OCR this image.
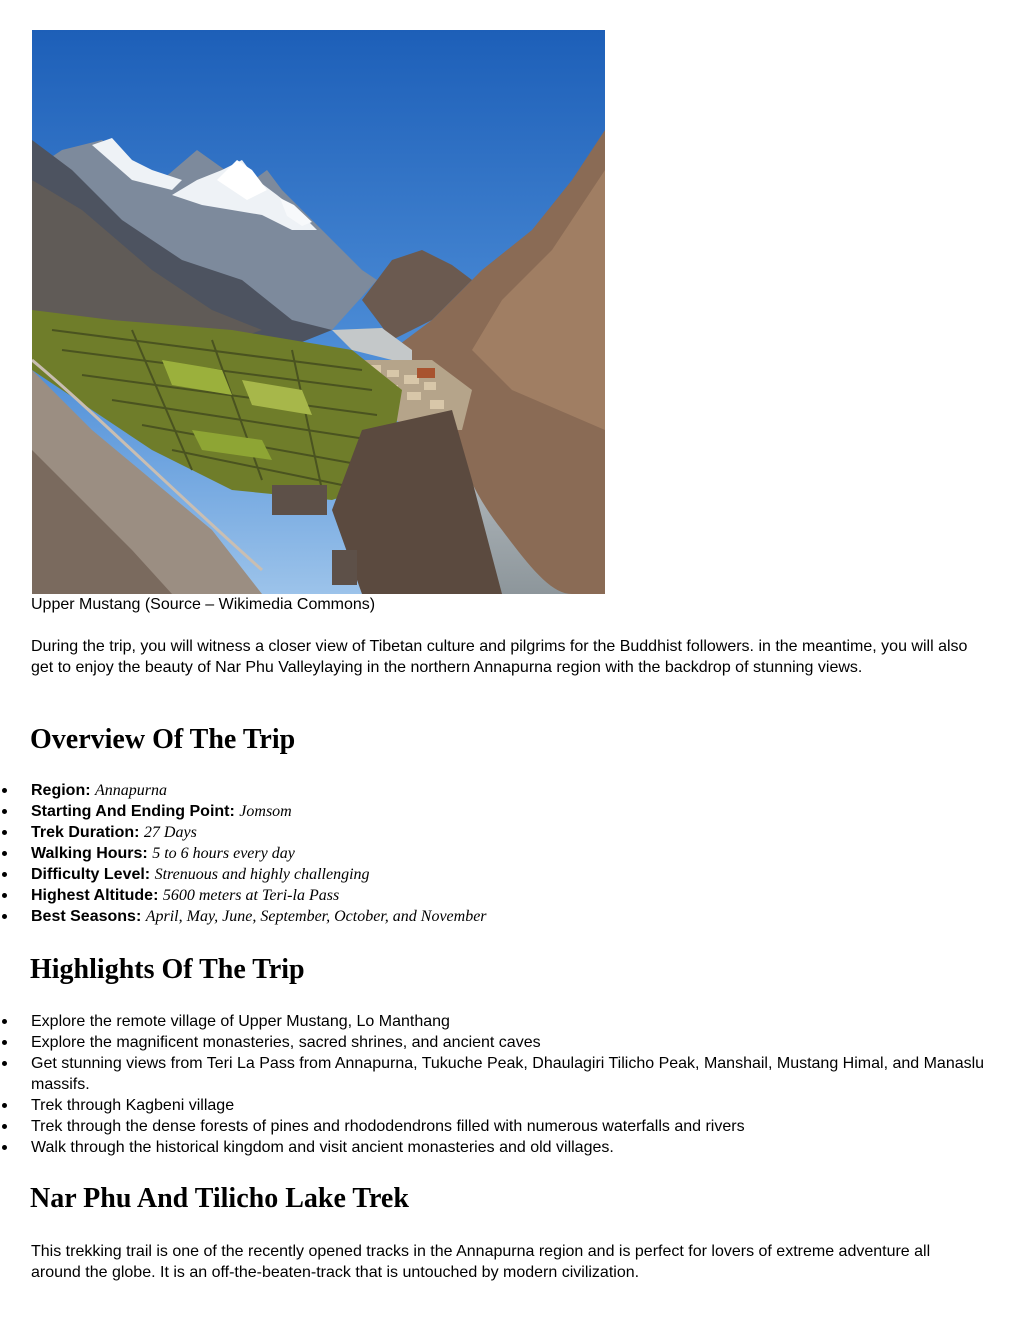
Upper Mustang (Source – Wikimedia Commons)

During the trip, you will witness a closer view of Tibetan culture and pilgrims for the Buddhist followers. in the meantime, you will also get to enjoy the beauty of Nar Phu Valleylaying in the northern Annapurna region with the backdrop of stunning views.

Overview Of The Trip
Region: Annapurna
Starting And Ending Point: Jomsom
Trek Duration: 27 Days
Walking Hours: 5 to 6 hours every day
Difficulty Level: Strenuous and highly challenging
Highest Altitude: 5600 meters at Teri-la Pass
Best Seasons: April, May, June, September, October, and November
Highlights Of The Trip
Explore the remote village of Upper Mustang, Lo Manthang
Explore the magnificent monasteries, sacred shrines, and ancient caves
Get stunning views from Teri La Pass from Annapurna, Tukuche Peak, Dhaulagiri Tilicho Peak, Manshail, Mustang Himal, and Manaslu massifs.
Trek through Kagbeni village
Trek through the dense forests of pines and rhododendrons filled with numerous waterfalls and rivers
Walk through the historical kingdom and visit ancient monasteries and old villages.
Nar Phu And Tilicho Lake Trek

This trekking trail is one of the recently opened tracks in the Annapurna region and is perfect for lovers of extreme adventure all around the globe. It is an off-the-beaten-track that is untouched by modern civilization.
